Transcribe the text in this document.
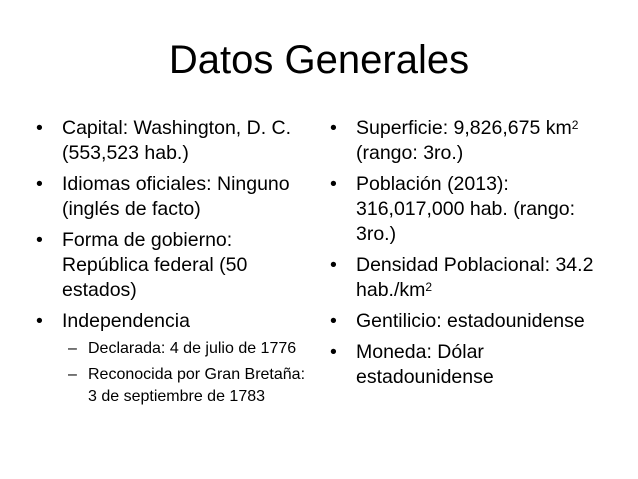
Datos Generales
• Capital: Washington, D. C. (553,523 hab.)
• Idiomas oficiales: Ninguno (inglés de facto)
• Forma de gobierno: República federal (50 estados)
• Independencia
– Declarada: 4 de julio de 1776
– Reconocida por Gran Bretaña: 3 de septiembre de 1783
• Superficie: 9,826,675 $km^2$
(rango: 3ro.)
• Población (2013): 316,017,000 hab. (rango: 3ro.)
• Densidad Poblacional: 34.2 $hab./km^2$
• Gentilicio: estadounidense
• Moneda: Dólar estadounidense
